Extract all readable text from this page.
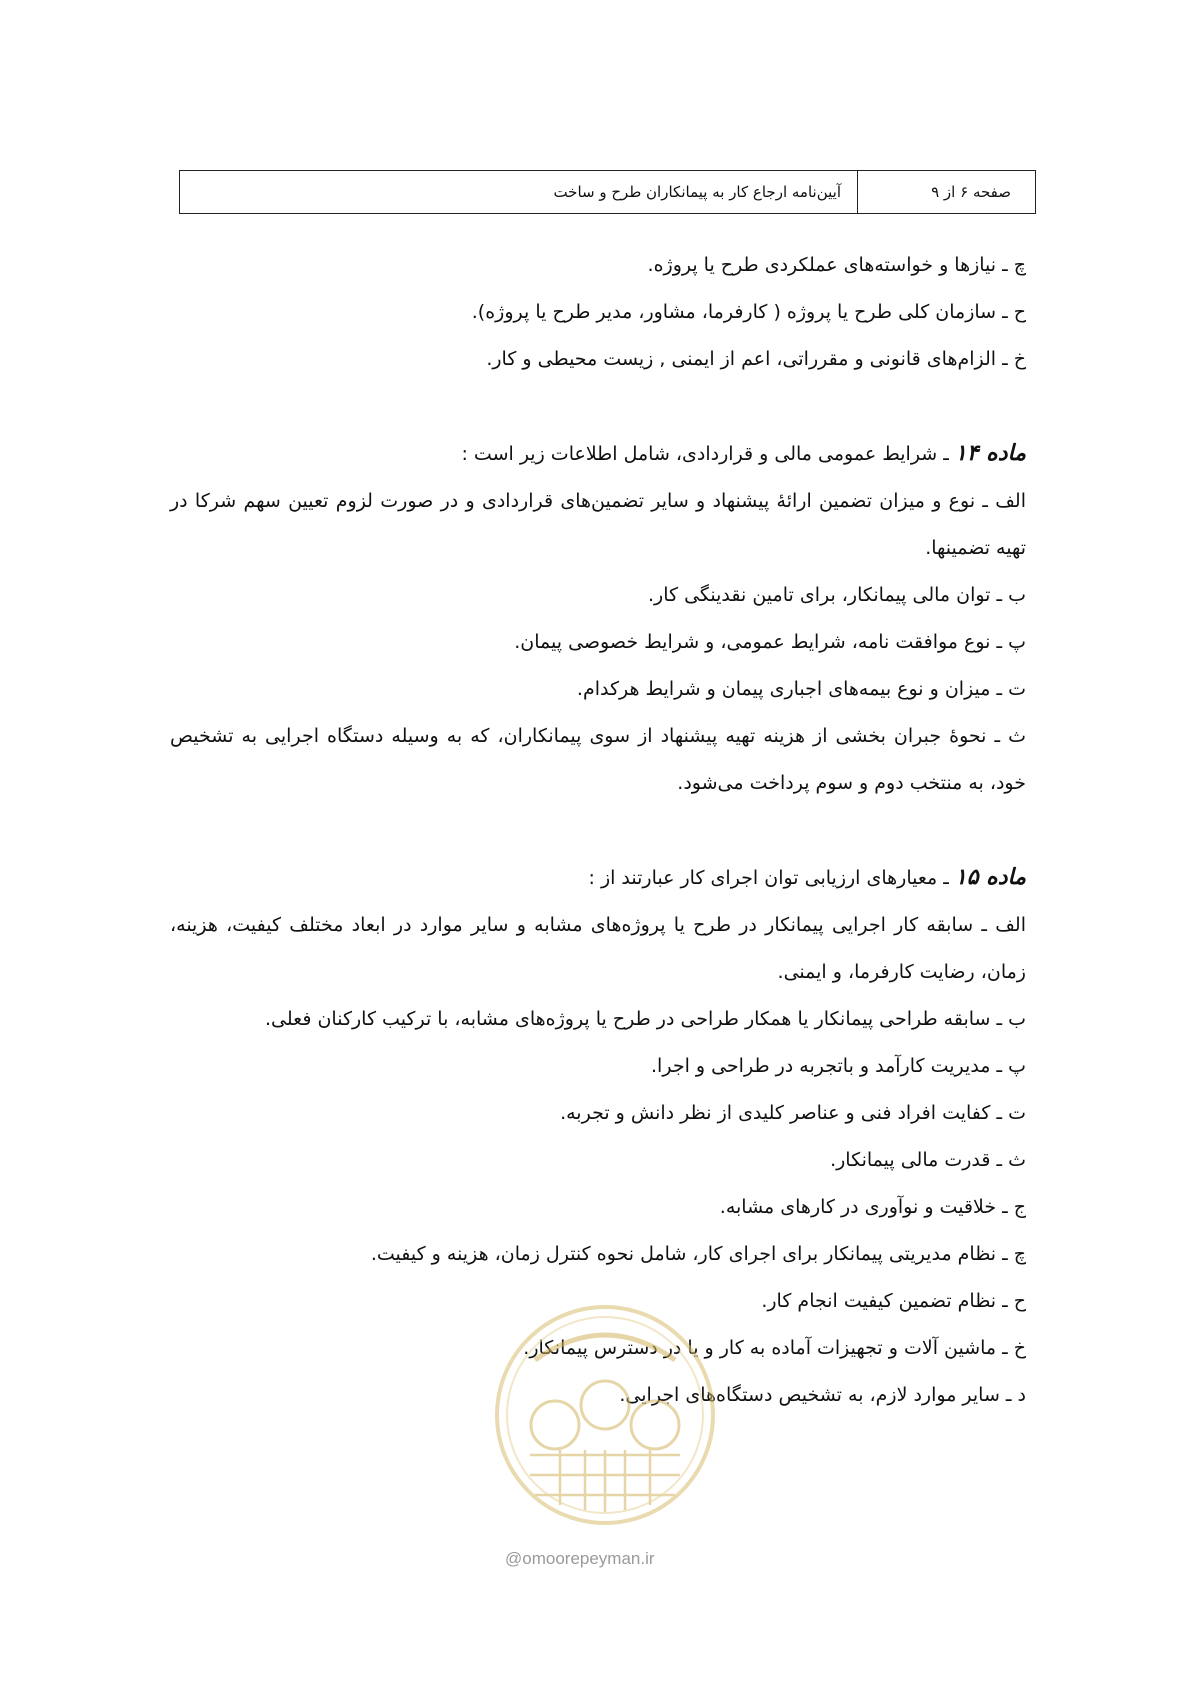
صفحه ۶ از ۹
آیین‌نامه ارجاع کار به پیمانکاران طرح و ساخت
چ ـ نیازها و خواسته‌های عملکردی طرح یا پروژه.
ح ـ سازمان کلی طرح یا پروژه ( کارفرما، مشاور، مدیر طرح یا پروژه).
خ ـ الزام‌های قانونی و مقرراتی، اعم از ایمنی , زیست محیطی و کار.
ماده ۱۴ ـ شرایط عمومی مالی و قراردادی، شامل اطلاعات زیر است :
الف ـ نوع و میزان تضمین ارائهٔ پیشنهاد و سایر تضمین‌های قراردادی و در صورت لزوم تعیین سهم شرکا در تهیه تضمینها.
ب ـ توان مالی پیمانکار، برای تامین نقدینگی کار.
پ ـ نوع موافقت نامه، شرایط عمومی، و شرایط خصوصی پیمان.
ت ـ میزان و نوع بیمه‌های اجباری پیمان و شرایط هرکدام.
ث ـ نحوهٔ جبران بخشی از هزینه تهیه پیشنهاد از سوی پیمانکاران، که به وسیله دستگاه اجرایی به تشخیص خود، به منتخب دوم و سوم پرداخت می‌شود.
ماده ۱۵ ـ معیارهای ارزیابی توان اجرای کار عبارتند از :
الف ـ سابقه کار اجرایی پیمانکار در طرح یا پروژه‌های مشابه و سایر موارد در ابعاد مختلف کیفیت، هزینه، زمان، رضایت کارفرما، و ایمنی.
ب ـ سابقه طراحی پیمانکار یا همکار طراحی در طرح یا پروژه‌های مشابه، با ترکیب کارکنان فعلی.
پ ـ مدیریت کارآمد و باتجربه در طراحی و اجرا.
ت ـ کفایت افراد فنی و عناصر کلیدی از نظر دانش و تجربه.
ث ـ قدرت مالی پیمانکار.
ج ـ خلاقیت و نوآوری در کارهای مشابه.
چ ـ نظام مدیریتی پیمانکار برای اجرای کار، شامل نحوه کنترل زمان، هزینه و کیفیت.
ح ـ نظام تضمین کیفیت انجام کار.
خ ـ ماشین آلات و تجهیزات آماده به کار و یا در دسترس پیمانکار.
د ـ سایر موارد لازم، به تشخیص دستگاه‌های اجرایی.
@omoorepeyman.ir
